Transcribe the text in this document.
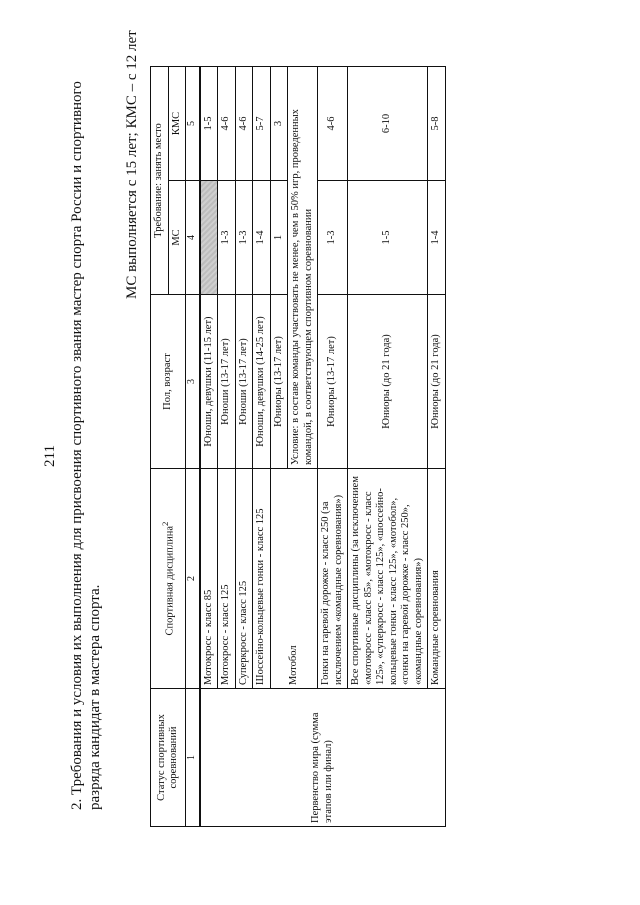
211 2. Требования и условия их выполнения для присвоения спортивного звания мастер спорта России и спортивного разряда кандидат в мастера спорта.
МС выполняется с 15 лет; КМС – с 12 лет
Статус спортивных соревнований	Спортивная дисциплина$^2$	Пол, возраст	Требование: занять место	
			МС	КМС
1	2	3	4	5
Первенство мира (сумма этапов или финал)	Мотокросс - класс 85	Юноши, девушки (11-15 лет)		1-5
	Мотокросс - класс 125	Юноши (13-17 лет)	1-3	4-6
	Суперкросс - класс 125	Юноши (13-17 лет)	1-3	4-6
	Шоссейно-кольцевые гонки - класс 125	Юноши, девушки (14-25 лет)	1-4	5-7
	Мотобол	Юниоры (13-17 лет)	1	3
		Условие: в составе команды участвовать не менее, чем в 50% игр, проведенных командой, в соответствующем спортивном соревновании		
	Гонки на гаревой дорожке - класс 250 (за исключением «командные соревнования»)	Юниоры (13-17 лет)	1-3	4-6
	Все спортивные дисциплины (за исключением «мотокросс - класс 85», «мотокросс - класс 125», «суперкросс - класс 125», «шоссейно-кольцевые гонки - класс 125», «мотобол», «гонки на гаревой дорожке - класс 250», «командные соревнования»)	Юниоры (до 21 года)	1-5	6-10
	Командные соревнования	Юниоры (до 21 года)	1-4	5-8
